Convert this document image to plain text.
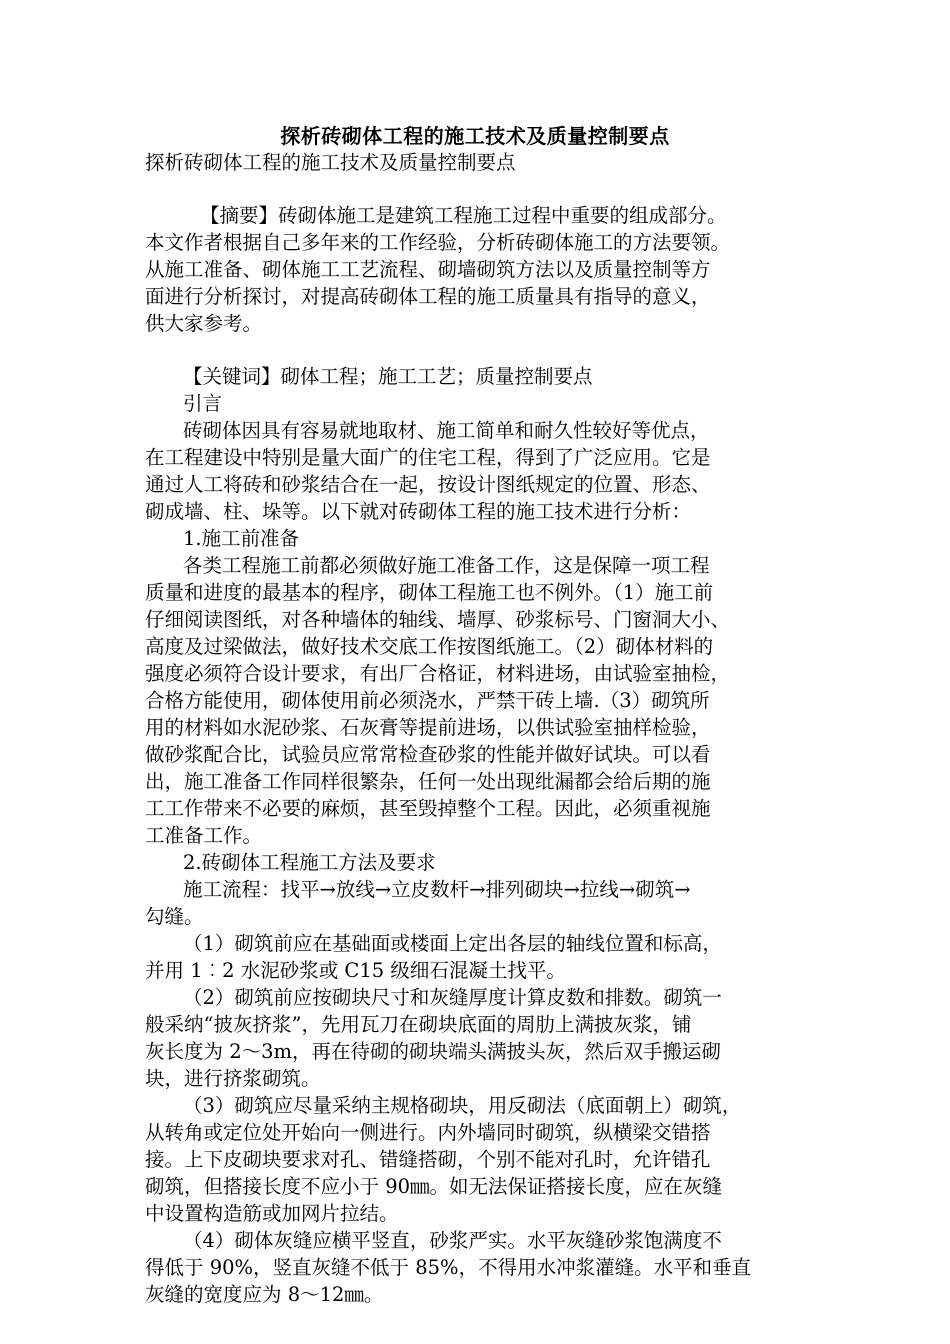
探析砖砌体工程的施工技术及质量控制要点
探析砖砌体工程的施工技术及质量控制要点
【摘要】砖砌体施工是建筑工程施工过程中重要的组成部分。
本文作者根据自己多年来的工作经验，分析砖砌体施工的方法要领。
从施工准备、砌体施工工艺流程、砌墙砌筑方法以及质量控制等方
面进行分析探讨，对提高砖砌体工程的施工质量具有指导的意义，
供大家参考。
【关键词】砌体工程；施工工艺；质量控制要点
引言
砖砌体因具有容易就地取材、施工简单和耐久性较好等优点，
在工程建设中特别是量大面广的住宅工程，得到了广泛应用。它是
通过人工将砖和砂浆结合在一起，按设计图纸规定的位置、形态、
砌成墙、柱、垛等。以下就对砖砌体工程的施工技术进行分析：
1.施工前准备
各类工程施工前都必须做好施工准备工作，这是保障一项工程
质量和进度的最基本的程序，砌体工程施工也不例外。（1）施工前
仔细阅读图纸，对各种墙体的轴线、墙厚、砂浆标号、门窗洞大小、
高度及过梁做法，做好技术交底工作按图纸施工。（2）砌体材料的
强度必须符合设计要求，有出厂合格证，材料进场，由试验室抽检，
合格方能使用，砌体使用前必须浇水，严禁干砖上墙.（3）砌筑所
用的材料如水泥砂浆、石灰膏等提前进场，以供试验室抽样检验，
做砂浆配合比，试验员应常常检查砂浆的性能并做好试块。可以看
出，施工准备工作同样很繁杂，任何一处出现纰漏都会给后期的施
工工作带来不必要的麻烦，甚至毁掉整个工程。因此，必须重视施
工准备工作。
2.砖砌体工程施工方法及要求
施工流程：找平→放线→立皮数杆→排列砌块→拉线→砌筑→
勾缝。
（1）砌筑前应在基础面或楼面上定出各层的轴线位置和标高，
并用 1︰2 水泥砂浆或 C15 级细石混凝土找平。
（2）砌筑前应按砌块尺寸和灰缝厚度计算皮数和排数。砌筑一
般采纳“披灰挤浆”，先用瓦刀在砌块底面的周肋上满披灰浆，铺
灰长度为 2～3m，再在待砌的砌块端头满披头灰，然后双手搬运砌
块，进行挤浆砌筑。
（3）砌筑应尽量采纳主规格砌块，用反砌法（底面朝上）砌筑，
从转角或定位处开始向一侧进行。内外墙同时砌筑，纵横梁交错搭
接。上下皮砌块要求对孔、错缝搭砌，个别不能对孔时，允许错孔
砌筑，但搭接长度不应小于 90㎜。如无法保证搭接长度，应在灰缝
中设置构造筋或加网片拉结。
（4）砌体灰缝应横平竖直，砂浆严实。水平灰缝砂浆饱满度不
得低于 90%，竖直灰缝不低于 85%，不得用水冲浆灌缝。水平和垂直
灰缝的宽度应为 8～12㎜。
